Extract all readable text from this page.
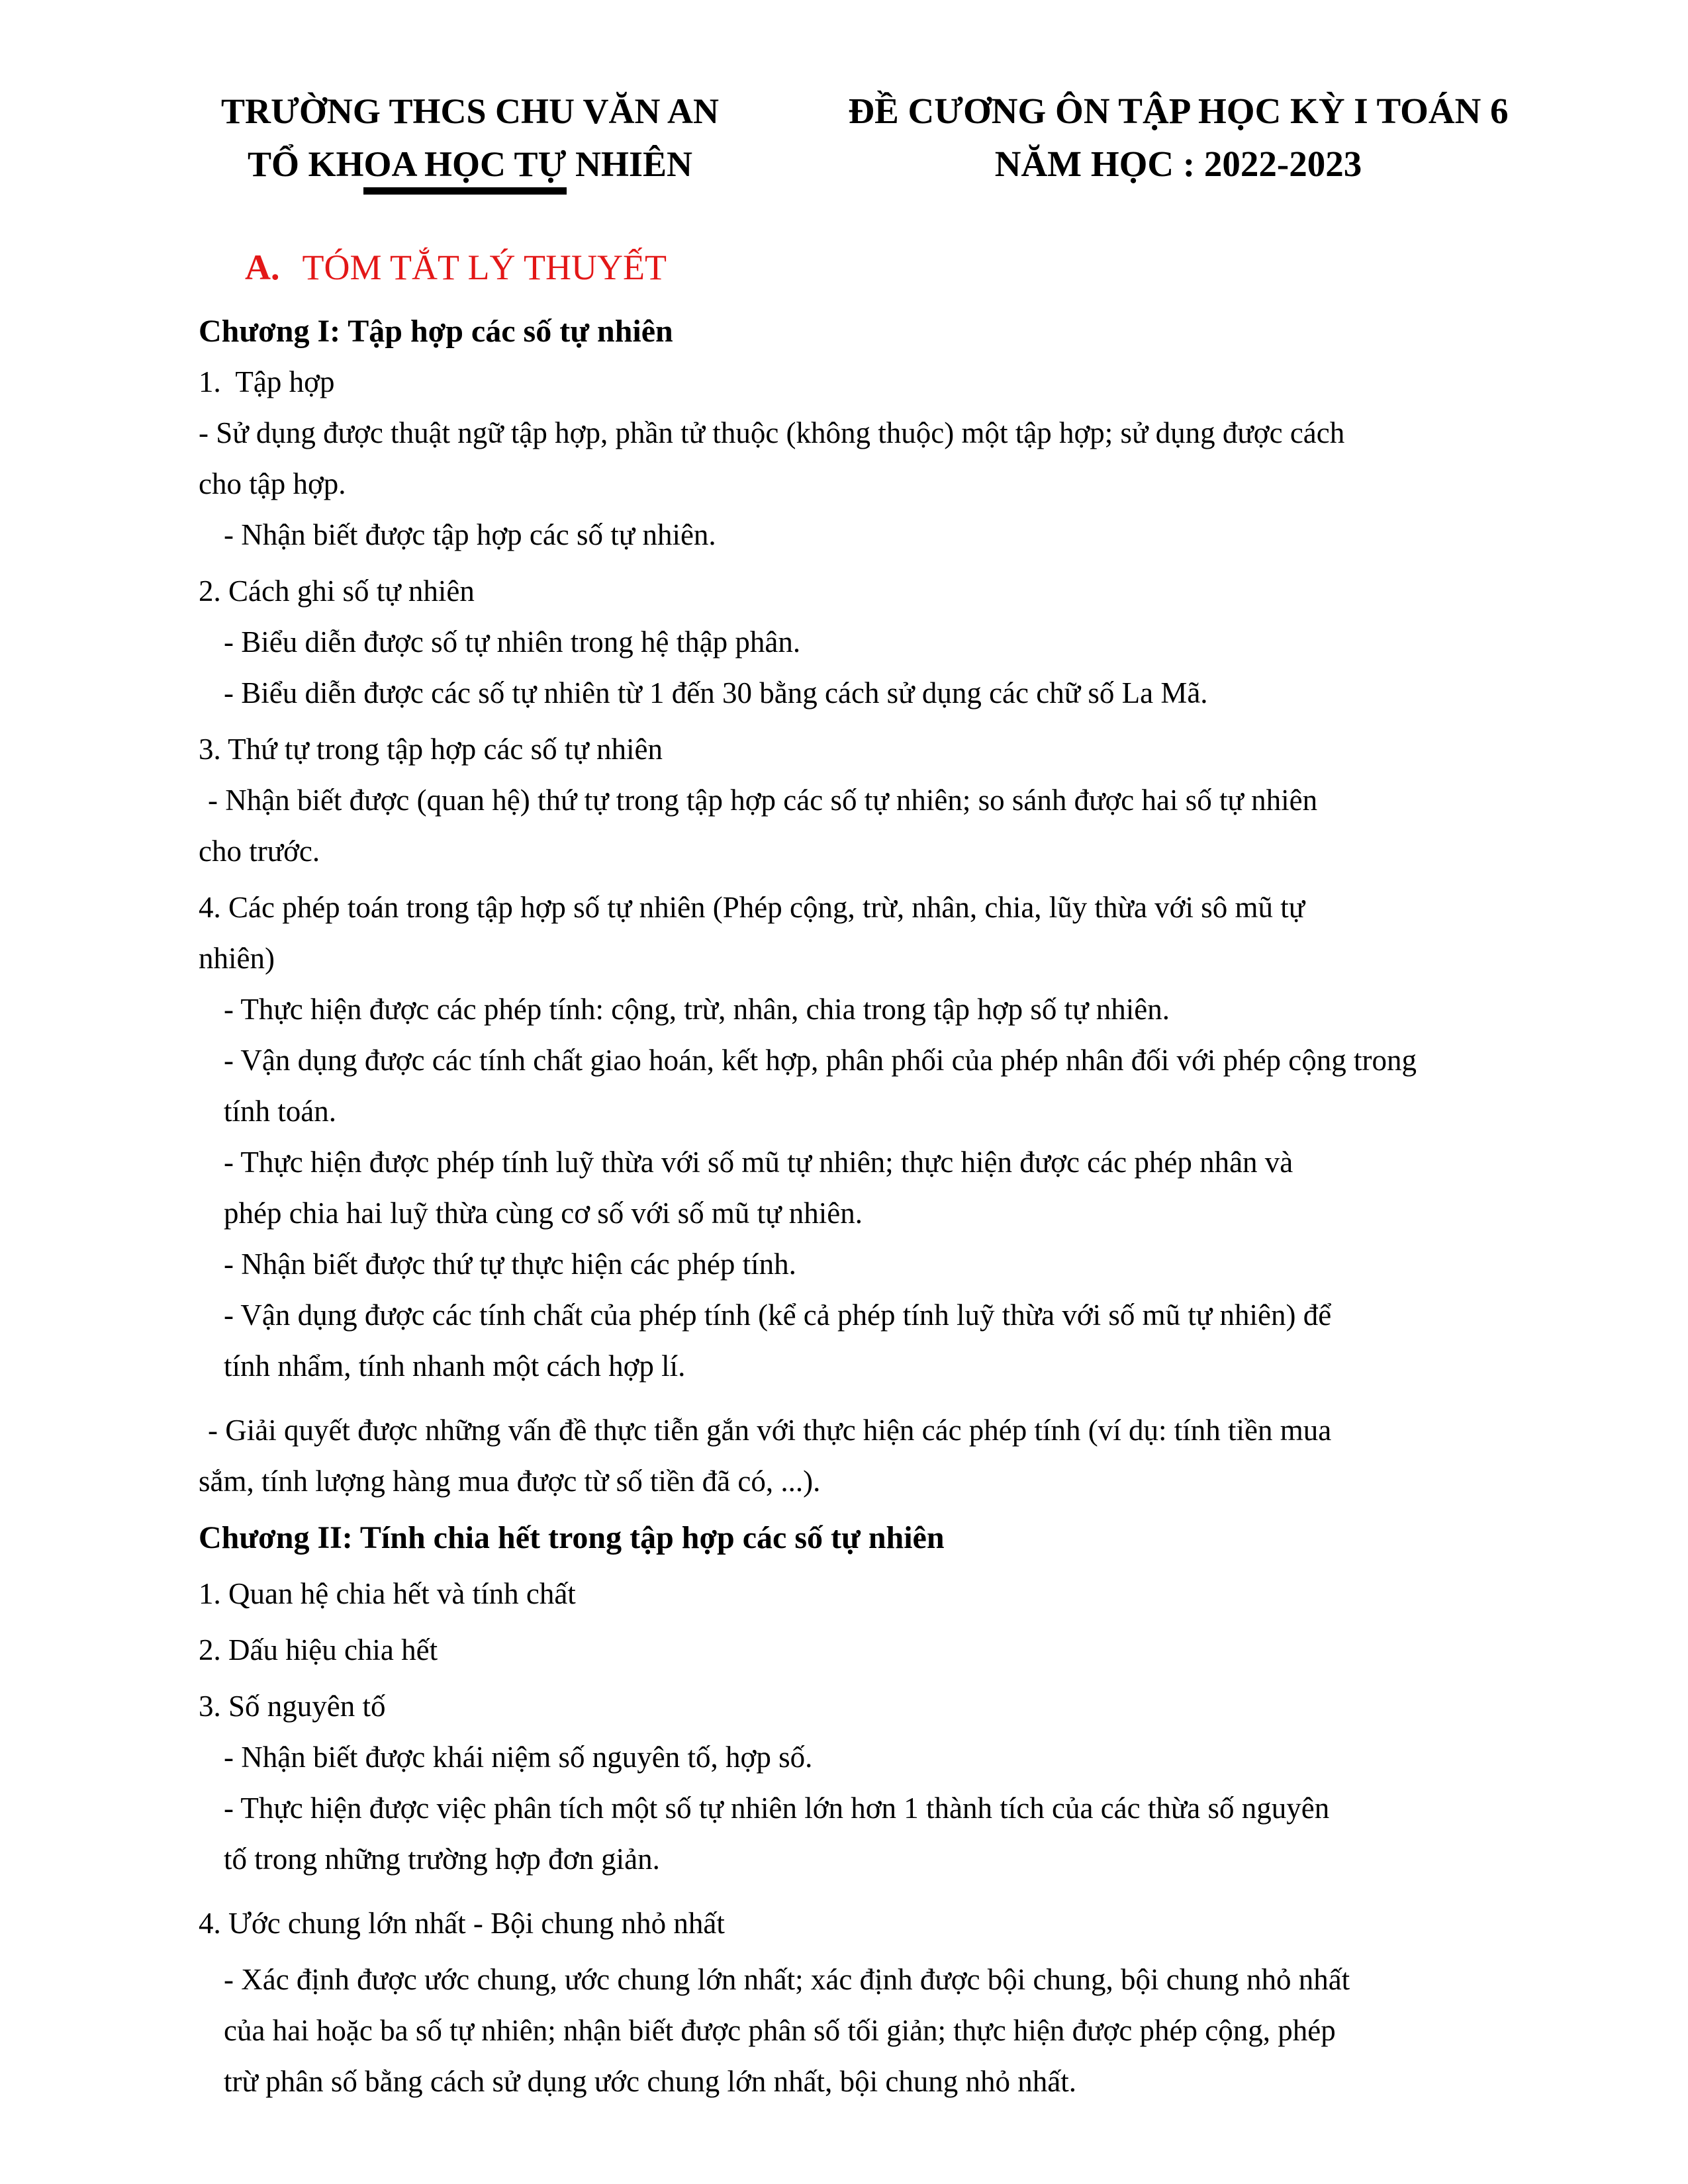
TRƯỜNG THCS CHU VĂN AN
TỔ KHOA HỌC TỰ NHIÊN
ĐỀ CƯƠNG ÔN TẬP HỌC KỲ I TOÁN 6
NĂM HỌC : 2022-2023
A. TÓM TẮT LÝ THUYẾT
Chương I: Tập hợp các số tự nhiên
1.  Tập hợp
- Sử dụng được thuật ngữ tập hợp, phần tử thuộc (không thuộc) một tập hợp; sử dụng được cách
cho tập hợp.
- Nhận biết được tập hợp các số tự nhiên.
2. Cách ghi số tự nhiên
- Biểu diễn được số tự nhiên trong hệ thập phân.
- Biểu diễn được các số tự nhiên từ 1 đến 30 bằng cách sử dụng các chữ số La Mã.
3. Thứ tự trong tập hợp các số tự nhiên
- Nhận biết được (quan hệ) thứ tự trong tập hợp các số tự nhiên; so sánh được hai số tự nhiên
cho trước.
4. Các phép toán trong tập hợp số tự nhiên (Phép cộng, trừ, nhân, chia, lũy thừa với sô mũ tự
nhiên)
- Thực hiện được các phép tính: cộng, trừ, nhân, chia trong tập hợp số tự nhiên.
- Vận dụng được các tính chất giao hoán, kết hợp, phân phối của phép nhân đối với phép cộng trong
tính toán.
- Thực hiện được phép tính luỹ thừa với số mũ tự nhiên; thực hiện được các phép nhân và
phép chia hai luỹ thừa cùng cơ số với số mũ tự nhiên.
- Nhận biết được thứ tự thực hiện các phép tính.
- Vận dụng được các tính chất của phép tính (kể cả phép tính luỹ thừa với số mũ tự nhiên) để
tính nhẩm, tính nhanh một cách hợp lí.
- Giải quyết được những vấn đề thực tiễn gắn với thực hiện các phép tính (ví dụ: tính tiền mua
sắm, tính lượng hàng mua được từ số tiền đã có, ...).
Chương II: Tính chia hết trong tập hợp các số tự nhiên
1. Quan hệ chia hết và tính chất
2. Dấu hiệu chia hết
3. Số nguyên tố
- Nhận biết được khái niệm số nguyên tố, hợp số.
- Thực hiện được việc phân tích một số tự nhiên lớn hơn 1 thành tích của các thừa số nguyên
tố trong những trường hợp đơn giản.
4. Ước chung lớn nhất - Bội chung nhỏ nhất
- Xác định được ước chung, ước chung lớn nhất; xác định được bội chung, bội chung nhỏ nhất
của hai hoặc ba số tự nhiên; nhận biết được phân số tối giản; thực hiện được phép cộng, phép
trừ phân số bằng cách sử dụng ước chung lớn nhất, bội chung nhỏ nhất.
